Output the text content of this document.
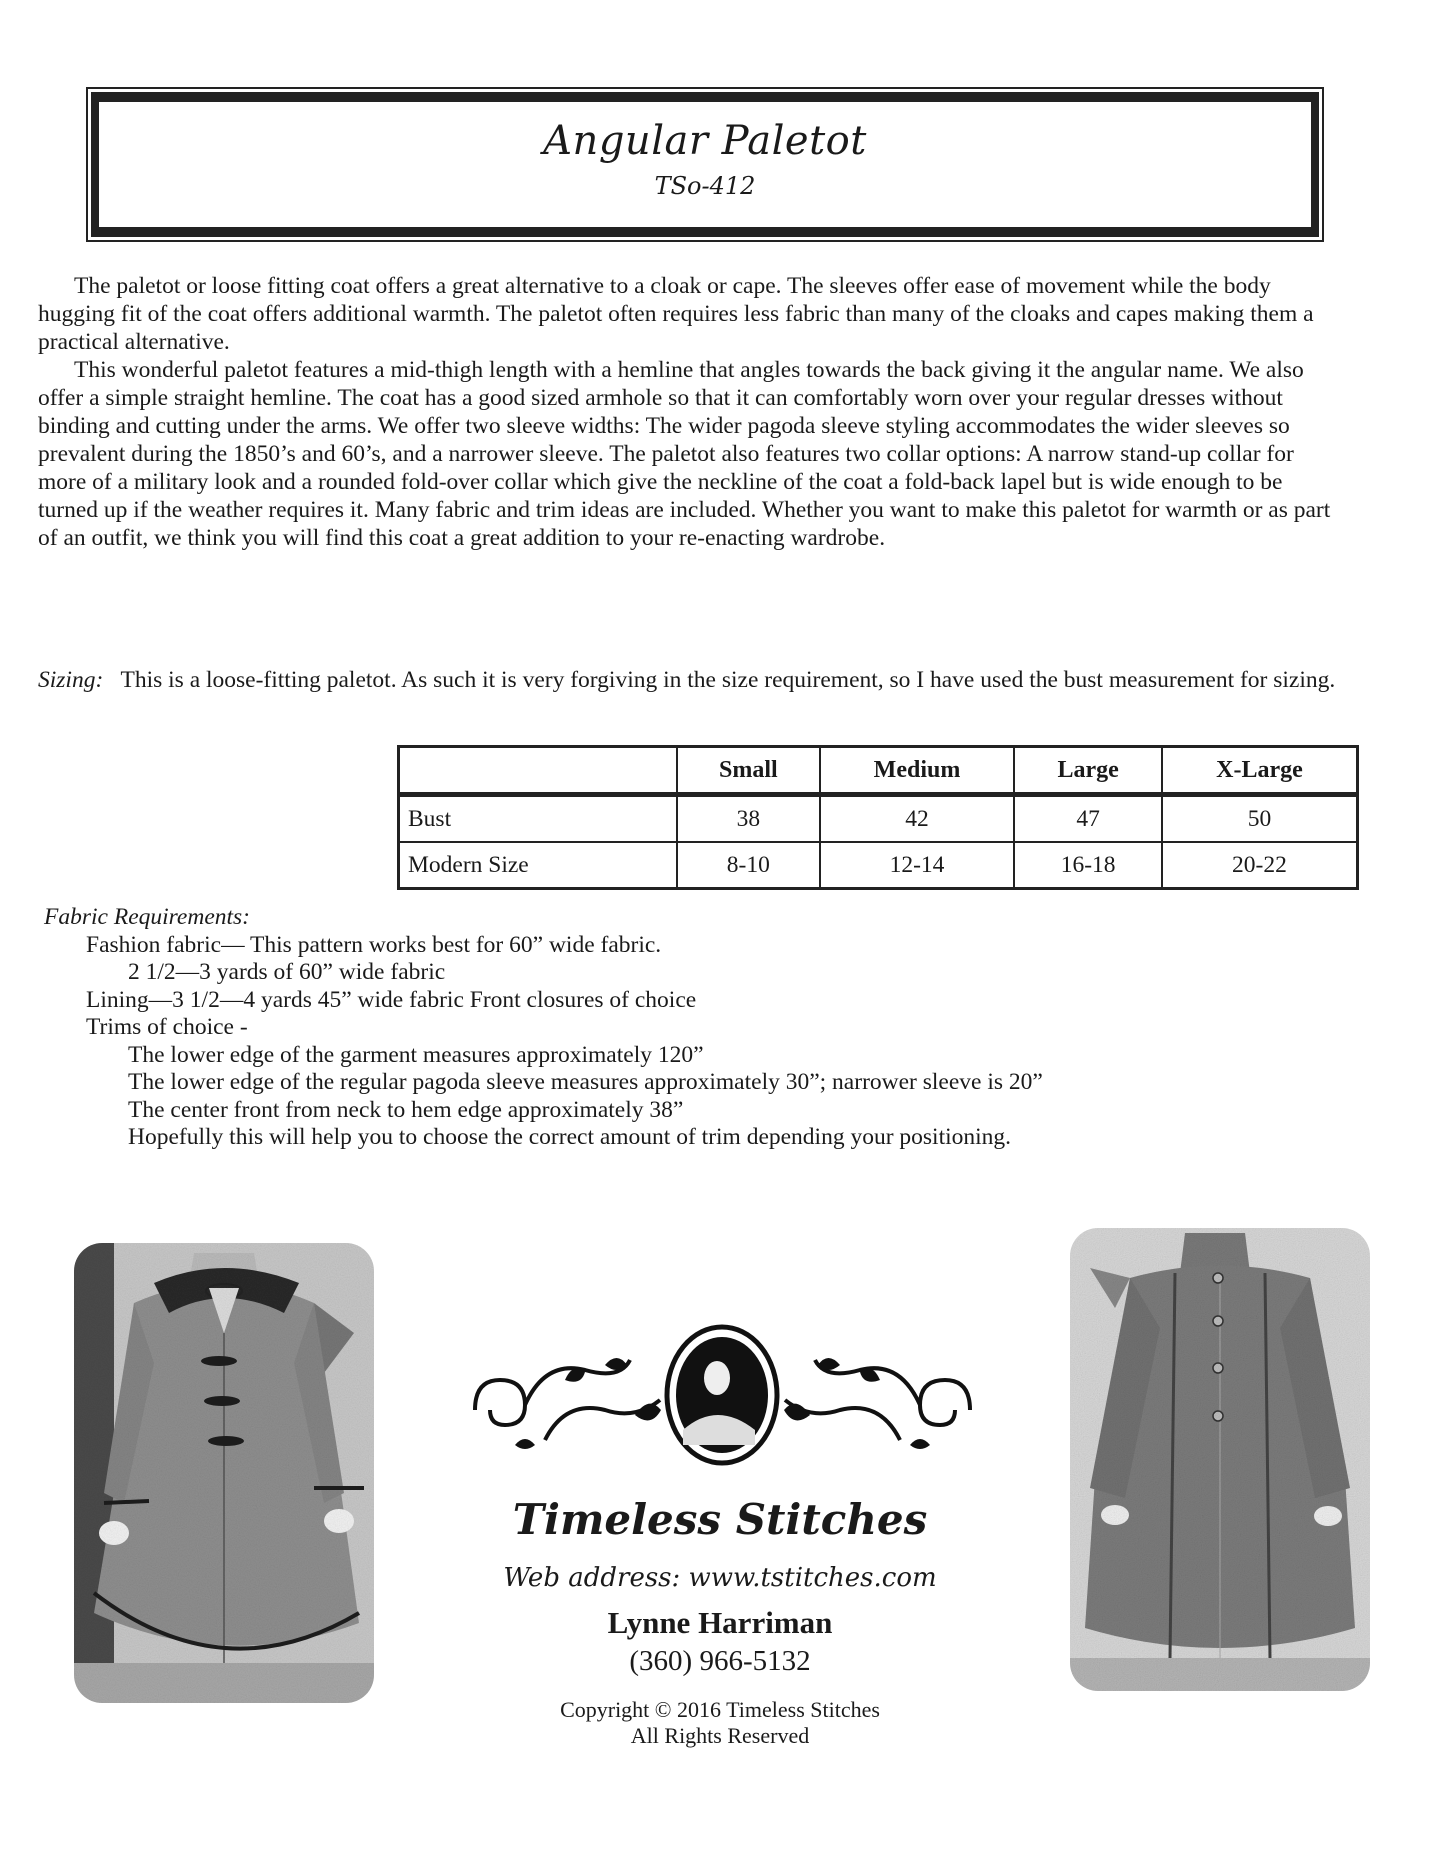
Angular Paletot
TSo-412

The paletot or loose fitting coat offers a great alternative to a cloak or cape. The sleeves offer ease of movement while the body hugging fit of the coat offers additional warmth. The paletot often requires less fabric than many of the cloaks and capes making them a practical alternative.

This wonderful paletot features a mid-thigh length with a hemline that angles towards the back giving it the angular name. We also offer a simple straight hemline. The coat has a good sized armhole so that it can comfortably worn over your regular dresses without binding and cutting under the arms. We offer two sleeve widths: The wider pagoda sleeve styling accommodates the wider sleeves so prevalent during the 1850’s and 60’s, and a narrower sleeve. The paletot also features two collar options: A narrow stand-up collar for more of a military look and a rounded fold-over collar which give the neckline of the coat a fold-back lapel but is wide enough to be turned up if the weather requires it. Many fabric and trim ideas are included. Whether you want to make this paletot for warmth or as part of an outfit, we think you will find this coat a great addition to your re-enacting wardrobe.

Sizing: This is a loose-fitting paletot. As such it is very forgiving in the size requirement, so I have used the bust measurement for sizing.
	Small	Medium	Large	X-Large
Bust	38	42	47	50
Modern Size	8-10	12-14	16-18	20-22
Fabric Requirements:
Fashion fabric— This pattern works best for 60” wide fabric.
2 1/2—3 yards of 60” wide fabric
Lining—3 1/2—4 yards 45” wide fabric Front closures of choice
Trims of choice -
The lower edge of the garment measures approximately 120”
The lower edge of the regular pagoda sleeve measures approximately 30”; narrower sleeve is 20”
The center front from neck to hem edge approximately 38”
Hopefully this will help you to choose the correct amount of trim depending your positioning.
Timeless Stitches
Web address: www.tstitches.com
Lynne Harriman
(360) 966-5132
Copyright © 2016 Timeless Stitches
All Rights Reserved
